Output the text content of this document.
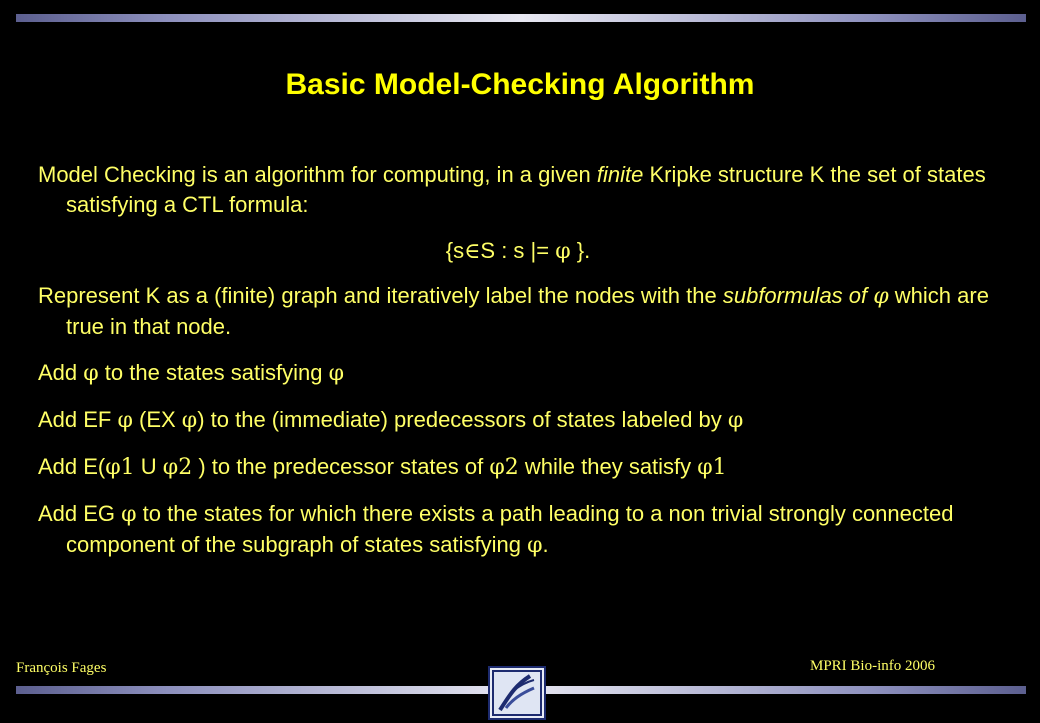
Basic Model-Checking Algorithm

Model Checking is an algorithm for computing, in a given finite Kripke structure K the set of states satisfying a CTL formula:

{s∈S : s |= φ }.

Represent K as a (finite) graph and iteratively label the nodes with the subformulas of φ which are true in that node.

Add φ to the states satisfying φ

Add EF φ (EX φ) to the (immediate) predecessors of states labeled by φ

Add E(φ1 U φ2 ) to the predecessor states of φ2 while they satisfy φ1

Add EG φ to the states for which there exists a path leading to a non trivial strongly connected component of the subgraph of states satisfying φ.

François Fages	MPRI Bio-info 2006
